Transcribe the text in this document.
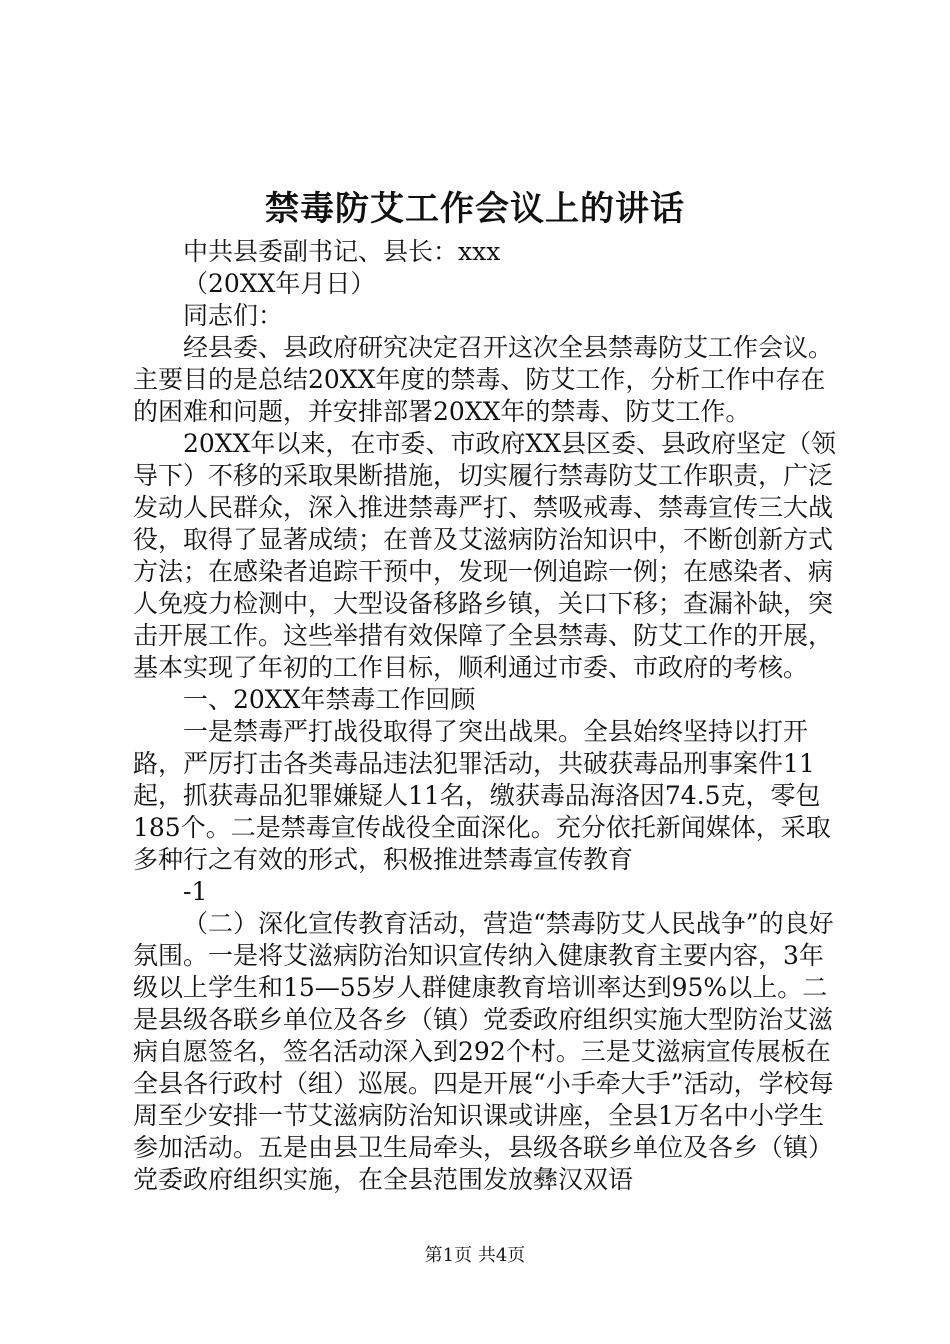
禁毒防艾工作会议上的讲话

中共县委副书记、县长：xxx

（20XX年月日）

同志们：

经县委、县政府研究决定召开这次全县禁毒防艾工作会议。主要目的是总结20XX年度的禁毒、防艾工作，分析工作中存在的困难和问题，并安排部署20XX年的禁毒、防艾工作。

20XX年以来，在市委、市政府XX县区委、县政府坚定（领导下）不移的采取果断措施，切实履行禁毒防艾工作职责，广泛发动人民群众，深入推进禁毒严打、禁吸戒毒、禁毒宣传三大战役，取得了显著成绩；在普及艾滋病防治知识中，不断创新方式方法；在感染者追踪干预中，发现一例追踪一例；在感染者、病人免疫力检测中，大型设备移路乡镇，关口下移；查漏补缺，突击开展工作。这些举措有效保障了全县禁毒、防艾工作的开展，基本实现了年初的工作目标，顺利通过市委、市政府的考核。

一、20XX年禁毒工作回顾

一是禁毒严打战役取得了突出战果。全县始终坚持以打开路，严厉打击各类毒品违法犯罪活动，共破获毒品刑事案件11起，抓获毒品犯罪嫌疑人11名，缴获毒品海洛因74.5克，零包185个。二是禁毒宣传战役全面深化。充分依托新闻媒体，采取多种行之有效的形式，积极推进禁毒宣传教育

-1

（二）深化宣传教育活动，营造“禁毒防艾人民战争”的良好氛围。一是将艾滋病防治知识宣传纳入健康教育主要内容，3年级以上学生和15—55岁人群健康教育培训率达到95%以上。二是县级各联乡单位及各乡（镇）党委政府组织实施大型防治艾滋病自愿签名，签名活动深入到292个村。三是艾滋病宣传展板在全县各行政村（组）巡展。四是开展“小手牵大手”活动，学校每周至少安排一节艾滋病防治知识课或讲座，全县1万名中小学生参加活动。五是由县卫生局牵头，县级各联乡单位及各乡（镇）党委政府组织实施，在全县范围发放彝汉双语

第1页 共4页
